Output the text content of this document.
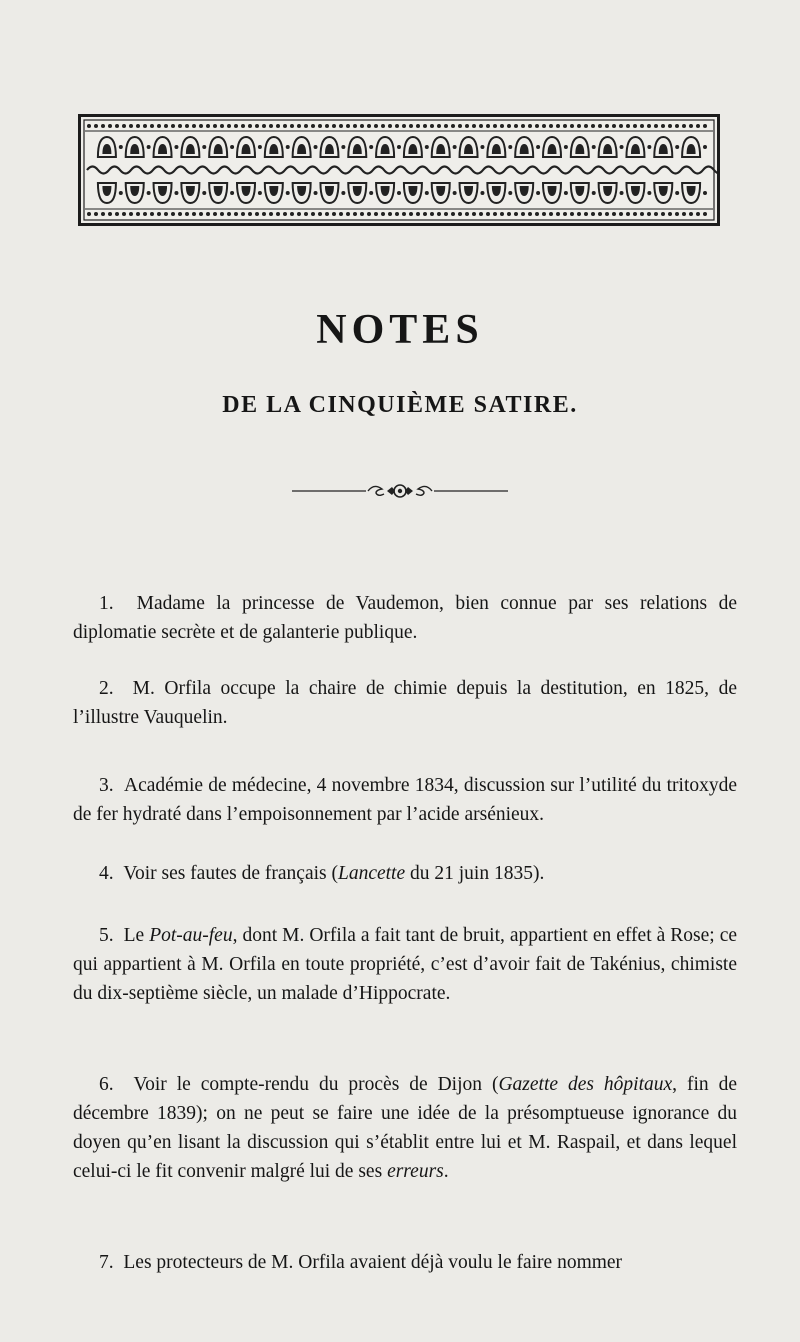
NOTES
DE LA CINQUIÈME SATIRE.

1. Madame la princesse de Vaudemon, bien connue par ses relations de diplomatie secrète et de galanterie publique.

2. M. Orfila occupe la chaire de chimie depuis la destitution, en 1825, de l’illustre Vauquelin.

3. Académie de médecine, 4 novembre 1834, discussion sur l’utilité du tritoxyde de fer hydraté dans l’empoisonnement par l’acide arsénieux.

4. Voir ses fautes de français (Lancette du 21 juin 1835).

5. Le Pot-au-feu, dont M. Orfila a fait tant de bruit, appartient en effet à Rose; ce qui appartient à M. Orfila en toute propriété, c’est d’avoir fait de Takénius, chimiste du dix-septième siècle, un malade d’Hippocrate.

6. Voir le compte-rendu du procès de Dijon (Gazette des hôpitaux, fin de décembre 1839); on ne peut se faire une idée de la présomptueuse ignorance du doyen qu’en lisant la discussion qui s’établit entre lui et M. Raspail, et dans lequel celui-ci le fit convenir malgré lui de ses erreurs.

7. Les protecteurs de M. Orfila avaient déjà voulu le faire nommer
